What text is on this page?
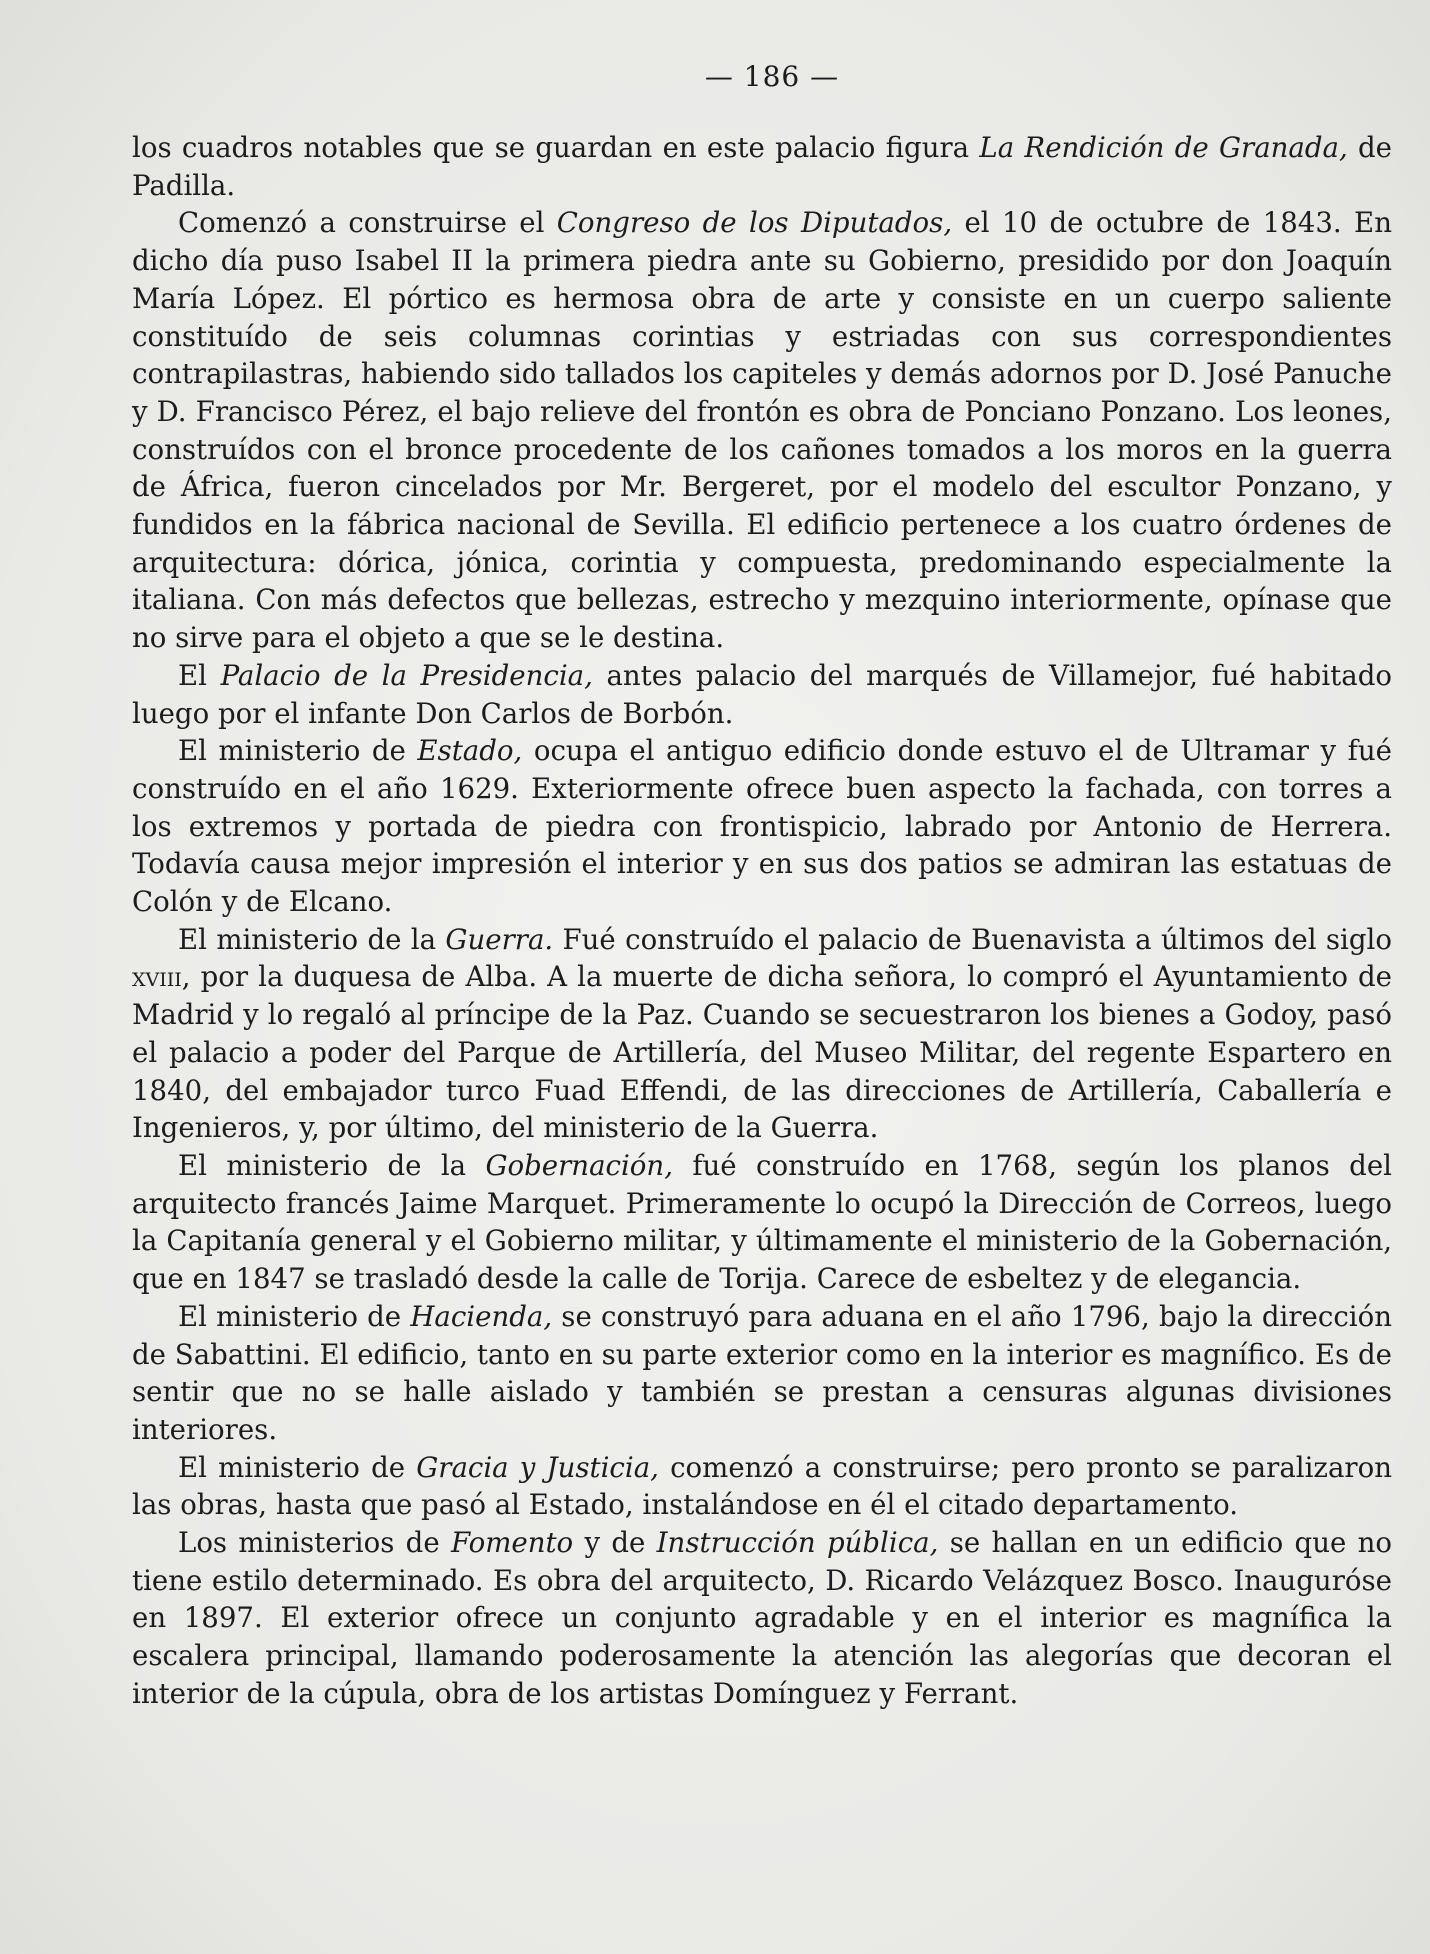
— 186 —

los cuadros notables que se guardan en este palacio figura La Rendición de Granada, de Padilla.

Comenzó a construirse el Congreso de los Diputados, el 10 de octubre de 1843. En dicho día puso Isabel II la primera piedra ante su Gobierno, presidido por don Joaquín María López. El pórtico es hermosa obra de arte y consiste en un cuerpo saliente constituído de seis columnas corintias y estriadas con sus correspondientes contrapilastras, habiendo sido tallados los capiteles y demás adornos por D. José Panuche y D. Francisco Pérez, el bajo relieve del frontón es obra de Ponciano Ponzano. Los leones, construídos con el bronce procedente de los cañones tomados a los moros en la guerra de África, fueron cincelados por Mr. Bergeret, por el modelo del escultor Ponzano, y fundidos en la fábrica nacional de Sevilla. El edificio pertenece a los cuatro órdenes de arquitectura: dórica, jónica, corintia y compuesta, predominando especialmente la italiana. Con más defectos que bellezas, estrecho y mezquino interiormente, opínase que no sirve para el objeto a que se le destina.

El Palacio de la Presidencia, antes palacio del marqués de Villamejor, fué habitado luego por el infante Don Carlos de Borbón.

El ministerio de Estado, ocupa el antiguo edificio donde estuvo el de Ultramar y fué construído en el año 1629. Exteriormente ofrece buen aspecto la fachada, con torres a los extremos y portada de piedra con frontispicio, labrado por Antonio de Herrera. Todavía causa mejor impresión el interior y en sus dos patios se admiran las estatuas de Colón y de Elcano.

El ministerio de la Guerra. Fué construído el palacio de Buenavista a últimos del siglo xviii, por la duquesa de Alba. A la muerte de dicha señora, lo compró el Ayuntamiento de Madrid y lo regaló al príncipe de la Paz. Cuando se secuestraron los bienes a Godoy, pasó el palacio a poder del Parque de Artillería, del Museo Militar, del regente Espartero en 1840, del embajador turco Fuad Effendi, de las direcciones de Artillería, Caballería e Ingenieros, y, por último, del ministerio de la Guerra.

El ministerio de la Gobernación, fué construído en 1768, según los planos del arquitecto francés Jaime Marquet. Primeramente lo ocupó la Dirección de Correos, luego la Capitanía general y el Gobierno militar, y últimamente el ministerio de la Gobernación, que en 1847 se trasladó desde la calle de Torija. Carece de esbeltez y de elegancia.

El ministerio de Hacienda, se construyó para aduana en el año 1796, bajo la dirección de Sabattini. El edificio, tanto en su parte exterior como en la interior es magnífico. Es de sentir que no se halle aislado y también se prestan a censuras algunas divisiones interiores.

El ministerio de Gracia y Justicia, comenzó a construirse; pero pronto se paralizaron las obras, hasta que pasó al Estado, instalándose en él el citado departamento.

Los ministerios de Fomento y de Instrucción pública, se hallan en un edificio que no tiene estilo determinado. Es obra del arquitecto, D. Ricardo Velázquez Bosco. Inauguróse en 1897. El exterior ofrece un conjunto agradable y en el interior es magnífica la escalera principal, llamando poderosamente la atención las alegorías que decoran el interior de la cúpula, obra de los artistas Domínguez y Ferrant.
